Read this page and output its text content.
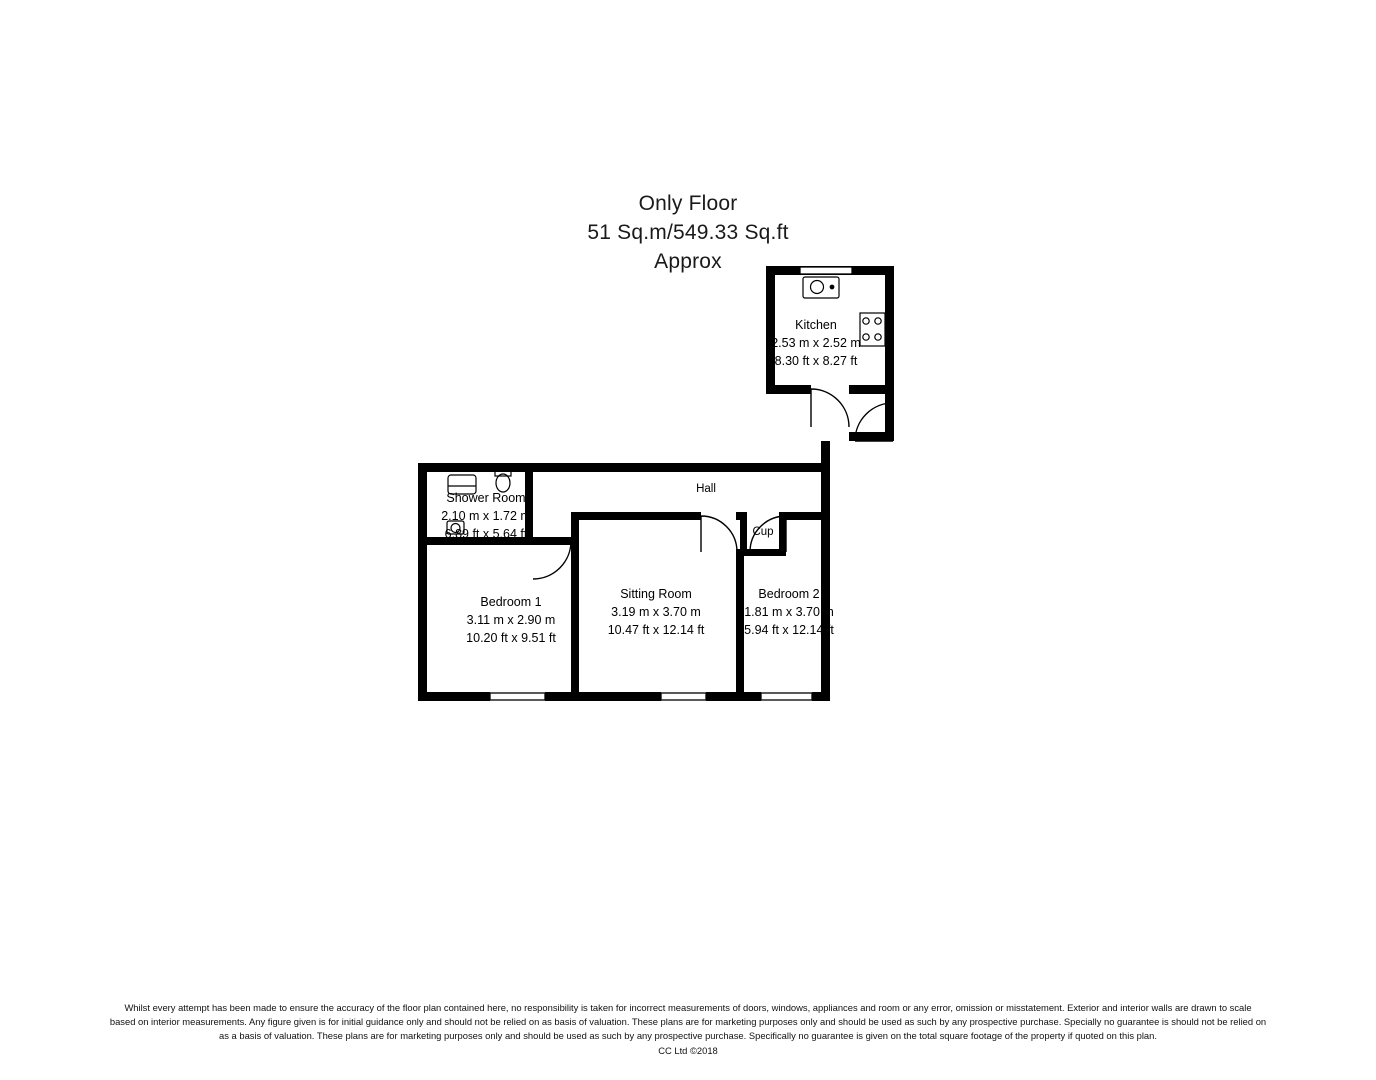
Only Floor
51 Sq.m/549.33 Sq.ft
Approx
Kitchen
2.53 m x 2.52 m
8.30 ft x 8.27 ft
Shower Room
2.10 m x 1.72 m
6.89 ft x 5.64 ft
Bedroom 1
3.11 m x 2.90 m
10.20 ft x 9.51 ft
Sitting Room
3.19 m x 3.70 m
10.47 ft x 12.14 ft
Bedroom 2
1.81 m x 3.70 m
5.94 ft x 12.14 ft
Hall
Cup
Whilst every attempt has been made to ensure the accuracy of the floor plan contained here, no responsibility is taken for incorrect measurements of doors, windows, appliances and room or any error, omission or misstatement. Exterior and interior walls are drawn to scale
based on interior measurements. Any figure given is for initial guidance only and should not be relied on as basis of valuation. These plans are for marketing purposes only and should be used as such by any prospective purchase. Specially no guarantee is should not be relied on
as a basis of valuation. These plans are for marketing purposes only and should be used as such by any prospective purchase. Specifically no guarantee is given on the total square footage of the property if quoted on this plan.
CC Ltd ©2018
